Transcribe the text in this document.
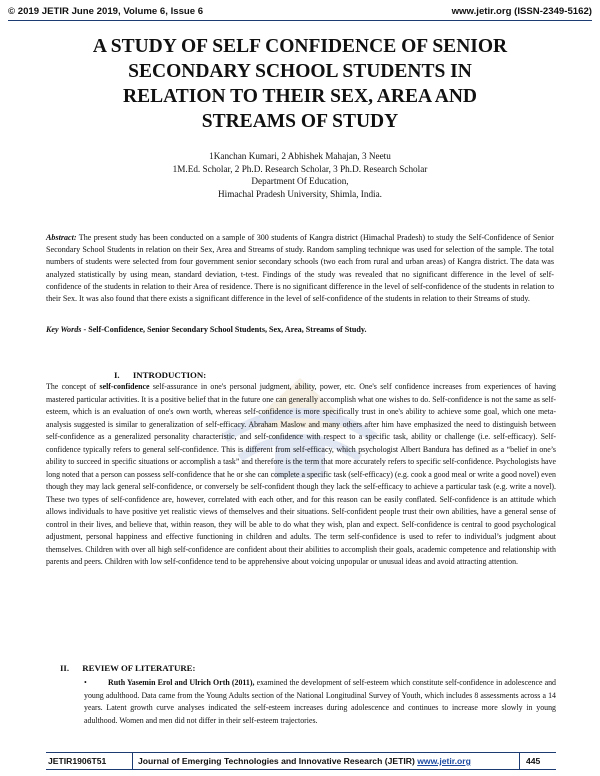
© 2019 JETIR June 2019, Volume 6, Issue 6	www.jetir.org (ISSN-2349-5162)
A STUDY OF SELF CONFIDENCE OF SENIOR
SECONDARY SCHOOL STUDENTS IN
RELATION TO THEIR SEX, AREA AND
STREAMS OF STUDY
1Kanchan Kumari, 2 Abhishek Mahajan, 3 Neetu
1M.Ed. Scholar, 2 Ph.D. Research Scholar, 3 Ph.D. Research Scholar
Department Of Education,
Himachal Pradesh University, Shimla, India.
Abstract: The present study has been conducted on a sample of 300 students of Kangra district (Himachal Pradesh) to study the Self-Confidence of Senior Secondary School Students in relation on their Sex, Area and Streams of study. Random sampling technique was used for selection of the sample. The total numbers of students were selected from four government senior secondary schools (two each from rural and urban areas) of Kangra district. The data was analyzed statistically by using mean, standard deviation, t-test. Findings of the study was revealed that no significant difference in the level of self-confidence of the students in relation to their Area of residence. There is no significant difference in the level of self-confidence of the students in relation to their Sex. It was also found that there exists a significant difference in the level of self-confidence of the students in relation to their Streams of study.
Key Words - Self-Confidence, Senior Secondary School Students, Sex, Area, Streams of Study.
I.      INTRODUCTION:
The concept of self-confidence self-assurance in one's personal judgment, ability, power, etc. One's self confidence increases from experiences of having mastered particular activities. It is a positive belief that in the future one can generally accomplish what one wishes to do. Self-confidence is not the same as self-esteem, which is an evaluation of one's own worth, whereas self-confidence is more specifically trust in one's ability to achieve some goal, which one meta-analysis suggested is similar to generalization of self-efficacy. Abraham Maslow and many others after him have emphasized the need to distinguish between self-confidence as a generalized personality characteristic, and self-confidence with respect to a specific task, ability or challenge (i.e. self-efficacy). Self-confidence typically refers to general self-confidence. This is different from self-efficacy, which psychologist Albert Bandura has defined as a “belief in one’s ability to succeed in specific situations or accomplish a task” and therefore is the term that more accurately refers to specific self-confidence. Psychologists have long noted that a person can possess self-confidence that he or she can complete a specific task (self-efficacy) (e.g. cook a good meal or write a good novel) even though they may lack general self-confidence, or conversely be self-confident though they lack the self-efficacy to achieve a particular task (e.g. write a novel). These two types of self-confidence are, however, correlated with each other, and for this reason can be easily conflated. Self-confidence is an attitude which allows individuals to have positive yet realistic views of themselves and their situations. Self-confident people trust their own abilities, have a general sense of control in their lives, and believe that, within reason, they will be able to do what they wish, plan and expect. Self-confidence is central to good psychological adjustment, personal happiness and effective functioning in children and adults. The term self-confidence is used to refer to individual’s judgment about themselves. Children with over all high self-confidence are confident about their abilities to accomplish their goals, academic competence and relationship with parents and peers. Children with low self-confidence tend to be apprehensive about voicing unpopular or unusual ideas and avoid attracting attention.
II.      REVIEW OF LITERATURE:
•	Ruth Yasemin Erol and Ulrich Orth (2011), examined the development of self-esteem which constitute self-confidence in adolescence and young adulthood. Data came from the Young Adults section of the National Longitudinal Survey of Youth, which includes 8 assessments across a 14 years. Latent growth curve analyses indicated the self-esteem increases during adolescence and continues to increase more slowly in young adulthood. Women and men did not differ in their self-esteem trajectories.
JETIR1906T51	Journal of Emerging Technologies and Innovative Research (JETIR) www.jetir.org	445
